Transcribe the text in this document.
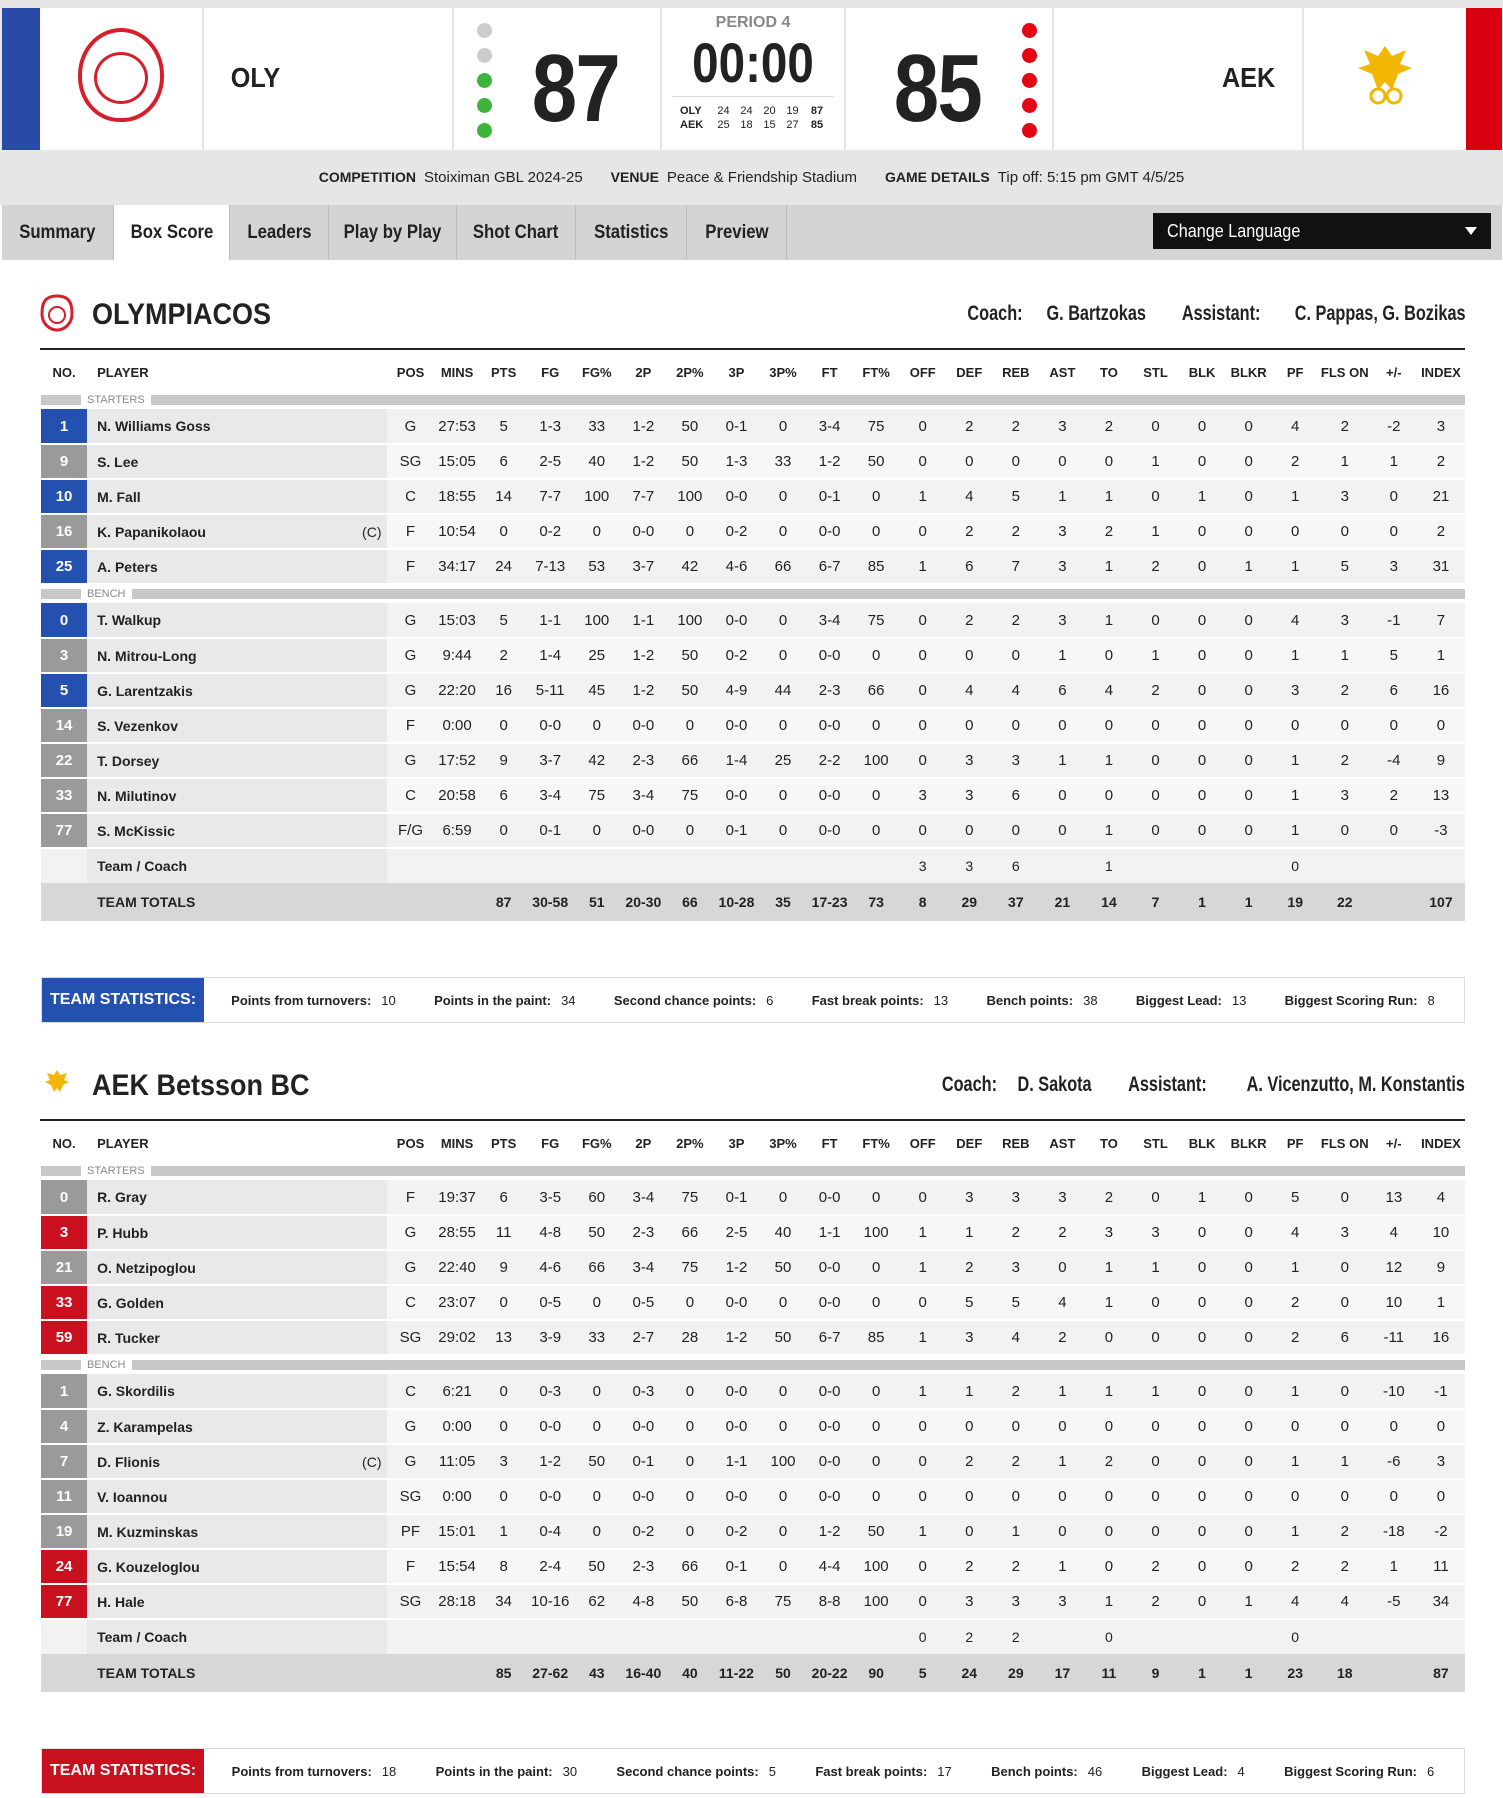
OLY	87
PERIOD 4
00:00
OLY	24	24	20	19	87
AEK	25	18	15	27	85 85	AEK
COMPETITION Stoiximan GBL 2024-25 VENUE Peace & Friendship Stadium GAME DETAILS Tip off: 5:15 pm GMT 4/5/25
Summary	Box Score	Leaders	Play by Play	Shot Chart	Statistics	Preview	Change Language
OLYMPIACOS	Coach: G. Bartzokas Assistant: C. Pappas, G. Bozikas
NO.	PLAYER	POS	MINS	PTS	FG	FG%	2P	2P%	3P	3P%	FT	FT%	OFF	DEF	REB	AST	TO	STL	BLK	BLKR	PF	FLS ON	+/-	INDEX

STARTERS																								

1	N. Williams Goss	G	27:53	5	1-3	33	1-2	50	0-1	0	3-4	75	0	2	2	3	2	0	0	0	4	2	-2	3
9	S. Lee	SG	15:05	6	2-5	40	1-2	50	1-3	33	1-2	50	0	0	0	0	0	1	0	0	2	1	1	2
10	M. Fall	C	18:55	14	7-7	100	7-7	100	0-0	0	0-1	0	1	4	5	1	1	0	1	0	1	3	0	21
16	K. Papanikolaou (C)	F	10:54	0	0-2	0	0-0	0	0-2	0	0-0	0	0	2	2	3	2	1	0	0	0	0	0	2
25	A. Peters	F	34:17	24	7-13	53	3-7	42	4-6	66	6-7	85	1	6	7	3	1	2	0	1	1	5	3	31

BENCH																								

0	T. Walkup	G	15:03	5	1-1	100	1-1	100	0-0	0	3-4	75	0	2	2	3	1	0	0	0	4	3	-1	7
3	N. Mitrou-Long	G	9:44	2	1-4	25	1-2	50	0-2	0	0-0	0	0	0	0	1	0	1	0	0	1	1	5	1
5	G. Larentzakis	G	22:20	16	5-11	45	1-2	50	4-9	44	2-3	66	0	4	4	6	4	2	0	0	3	2	6	16
14	S. Vezenkov	F	0:00	0	0-0	0	0-0	0	0-0	0	0-0	0	0	0	0	0	0	0	0	0	0	0	0	0
22	T. Dorsey	G	17:52	9	3-7	42	2-3	66	1-4	25	2-2	100	0	3	3	1	1	0	0	0	1	2	-4	9
33	N. Milutinov	C	20:58	6	3-4	75	3-4	75	0-0	0	0-0	0	3	3	6	0	0	0	0	0	1	3	2	13
77	S. McKissic	F/G	6:59	0	0-1	0	0-0	0	0-1	0	0-0	0	0	0	0	0	1	0	0	0	1	0	0	-3
	Team / Coach												3	3	6		1				0			
	TEAM TOTALS			87	30-58	51	20-30	66	10-28	35	17-23	73	8	29	37	21	14	7	1	1	19	22		107
TEAM STATISTICS:	Points from turnovers: 10	Points in the paint: 34	Second chance points: 6	Fast break points: 13	Bench points: 38	Biggest Lead: 13	Biggest Scoring Run: 8
AEK Betsson BC	Coach: D. Sakota Assistant: A. Vicenzutto, M. Konstantis
NO.	PLAYER	POS	MINS	PTS	FG	FG%	2P	2P%	3P	3P%	FT	FT%	OFF	DEF	REB	AST	TO	STL	BLK	BLKR	PF	FLS ON	+/-	INDEX

STARTERS																								

0	R. Gray	F	19:37	6	3-5	60	3-4	75	0-1	0	0-0	0	0	3	3	3	2	0	1	0	5	0	13	4
3	P. Hubb	G	28:55	11	4-8	50	2-3	66	2-5	40	1-1	100	1	1	2	2	3	3	0	0	4	3	4	10
21	O. Netzipoglou	G	22:40	9	4-6	66	3-4	75	1-2	50	0-0	0	1	2	3	0	1	1	0	0	1	0	12	9
33	G. Golden	C	23:07	0	0-5	0	0-5	0	0-0	0	0-0	0	0	5	5	4	1	0	0	0	2	0	10	1
59	R. Tucker	SG	29:02	13	3-9	33	2-7	28	1-2	50	6-7	85	1	3	4	2	0	0	0	0	2	6	-11	16

BENCH																								

1	G. Skordilis	C	6:21	0	0-3	0	0-3	0	0-0	0	0-0	0	1	1	2	1	1	1	0	0	1	0	-10	-1
4	Z. Karampelas	G	0:00	0	0-0	0	0-0	0	0-0	0	0-0	0	0	0	0	0	0	0	0	0	0	0	0	0
7	D. Flionis (C)	G	11:05	3	1-2	50	0-1	0	1-1	100	0-0	0	0	2	2	1	2	0	0	0	1	1	-6	3
11	V. Ioannou	SG	0:00	0	0-0	0	0-0	0	0-0	0	0-0	0	0	0	0	0	0	0	0	0	0	0	0	0
19	M. Kuzminskas	PF	15:01	1	0-4	0	0-2	0	0-2	0	1-2	50	1	0	1	0	0	0	0	0	1	2	-18	-2
24	G. Kouzeloglou	F	15:54	8	2-4	50	2-3	66	0-1	0	4-4	100	0	2	2	1	0	2	0	0	2	2	1	11
77	H. Hale	SG	28:18	34	10-16	62	4-8	50	6-8	75	8-8	100	0	3	3	3	1	2	0	1	4	4	-5	34
	Team / Coach												0	2	2		0				0			
	TEAM TOTALS			85	27-62	43	16-40	40	11-22	50	20-22	90	5	24	29	17	11	9	1	1	23	18		87
TEAM STATISTICS:	Points from turnovers: 18	Points in the paint: 30	Second chance points: 5	Fast break points: 17	Bench points: 46	Biggest Lead: 4	Biggest Scoring Run: 6
